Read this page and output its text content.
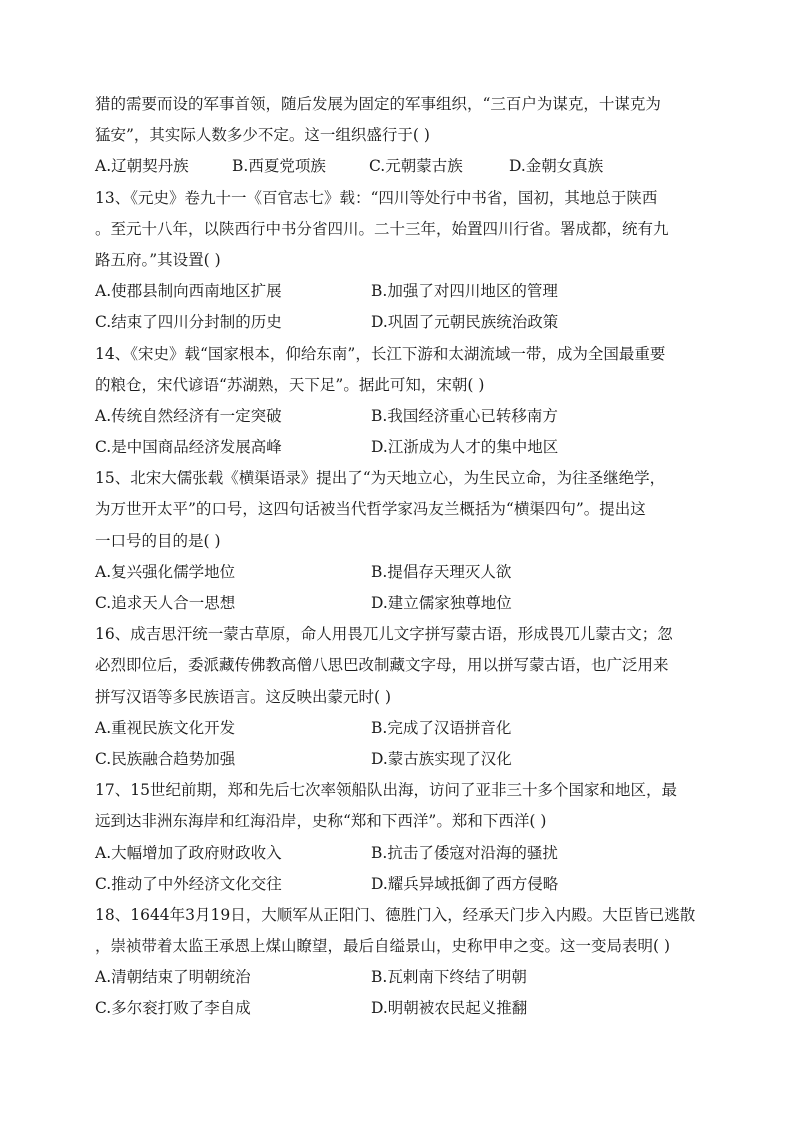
猎的需要而设的军事首领，随后发展为固定的军事组织，“三百户为谋克，十谋克为
猛安”，其实际人数多少不定。这一组织盛行于( )
A.辽朝契丹族	B.西夏党项族	C.元朝蒙古族	D.金朝女真族
13、《元史》卷九十一《百官志七》载：“四川等处行中书省，国初，其地总于陕西
。至元十八年，以陕西行中书分省四川。二十三年，始置四川行省。署成都，统有九
路五府。”其设置( )
A.使郡县制向西南地区扩展	B.加强了对四川地区的管理
C.结束了四川分封制的历史	D.巩固了元朝民族统治政策
14、《宋史》载“国家根本，仰给东南”，长江下游和太湖流域一带，成为全国最重要
的粮仓，宋代谚语“苏湖熟，天下足”。据此可知，宋朝( )
A.传统自然经济有一定突破	B.我国经济重心已转移南方
C.是中国商品经济发展高峰	D.江浙成为人才的集中地区
15、北宋大儒张载《横渠语录》提出了“为天地立心，为生民立命，为往圣继绝学，
为万世开太平”的口号，这四句话被当代哲学家冯友兰概括为“横渠四句”。提出这
一口号的目的是( )
A.复兴强化儒学地位	B.提倡存天理灭人欲
C.追求天人合一思想	D.建立儒家独尊地位
16、成吉思汗统一蒙古草原，命人用畏兀儿文字拼写蒙古语，形成畏兀儿蒙古文；忽
必烈即位后，委派藏传佛教高僧八思巴改制藏文字母，用以拼写蒙古语，也广泛用来
拼写汉语等多民族语言。这反映出蒙元时( )
A.重视民族文化开发	B.完成了汉语拼音化
C.民族融合趋势加强	D.蒙古族实现了汉化
17、15世纪前期，郑和先后七次率领船队出海，访问了亚非三十多个国家和地区，最
远到达非洲东海岸和红海沿岸，史称“郑和下西洋”。郑和下西洋( )
A.大幅增加了政府财政收入	B.抗击了倭寇对沿海的骚扰
C.推动了中外经济文化交往	D.耀兵异域抵御了西方侵略
18、1644年3月19日，大顺军从正阳门、德胜门入，经承天门步入内殿。大臣皆已逃散
，崇祯带着太监王承恩上煤山瞭望，最后自缢景山，史称甲申之变。这一变局表明( )
A.清朝结束了明朝统治	B.瓦剌南下终结了明朝
C.多尔衮打败了李自成	D.明朝被农民起义推翻
